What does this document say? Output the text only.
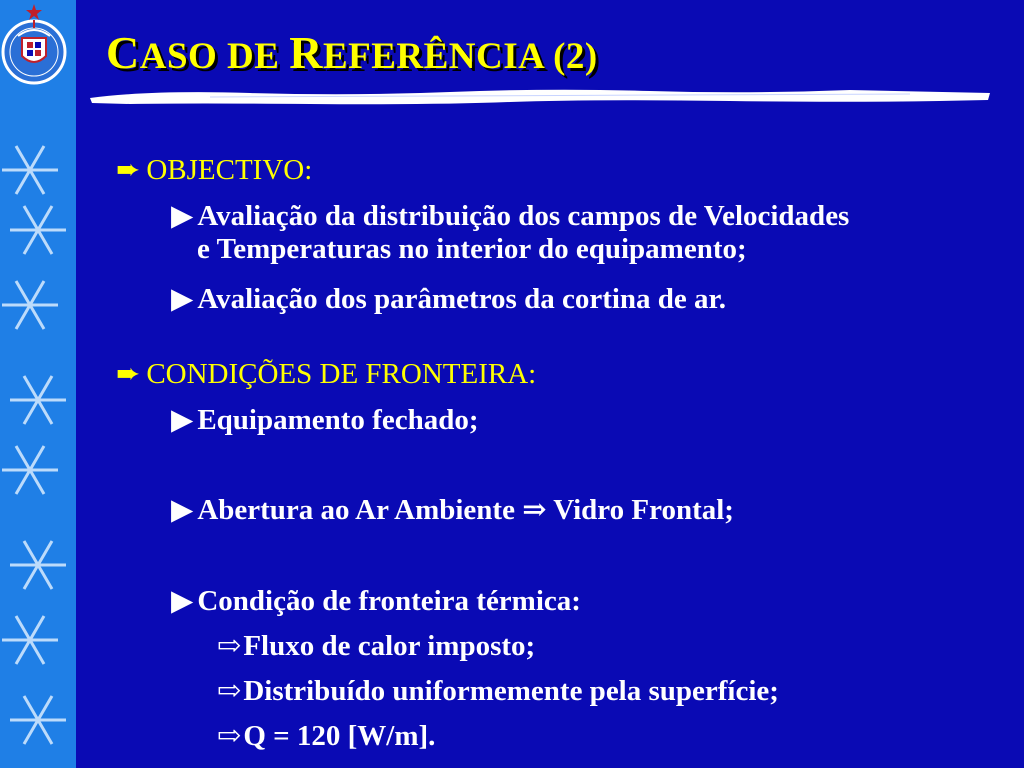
CASO DE REFERÊNCIA (2)
➨ OBJECTIVO:
▶ Avaliação da distribuição dos campos de Velocidades
e Temperaturas no interior do equipamento;
▶ Avaliação dos parâmetros da cortina de ar.
➨ CONDIÇÕES DE FRONTEIRA:
▶ Equipamento fechado;
▶ Abertura ao Ar Ambiente ⇒ Vidro Frontal;
▶ Condição de fronteira térmica:
⇨Fluxo de calor imposto;
⇨Distribuído uniformemente pela superfície;
⇨Q = 120 [W/m].
